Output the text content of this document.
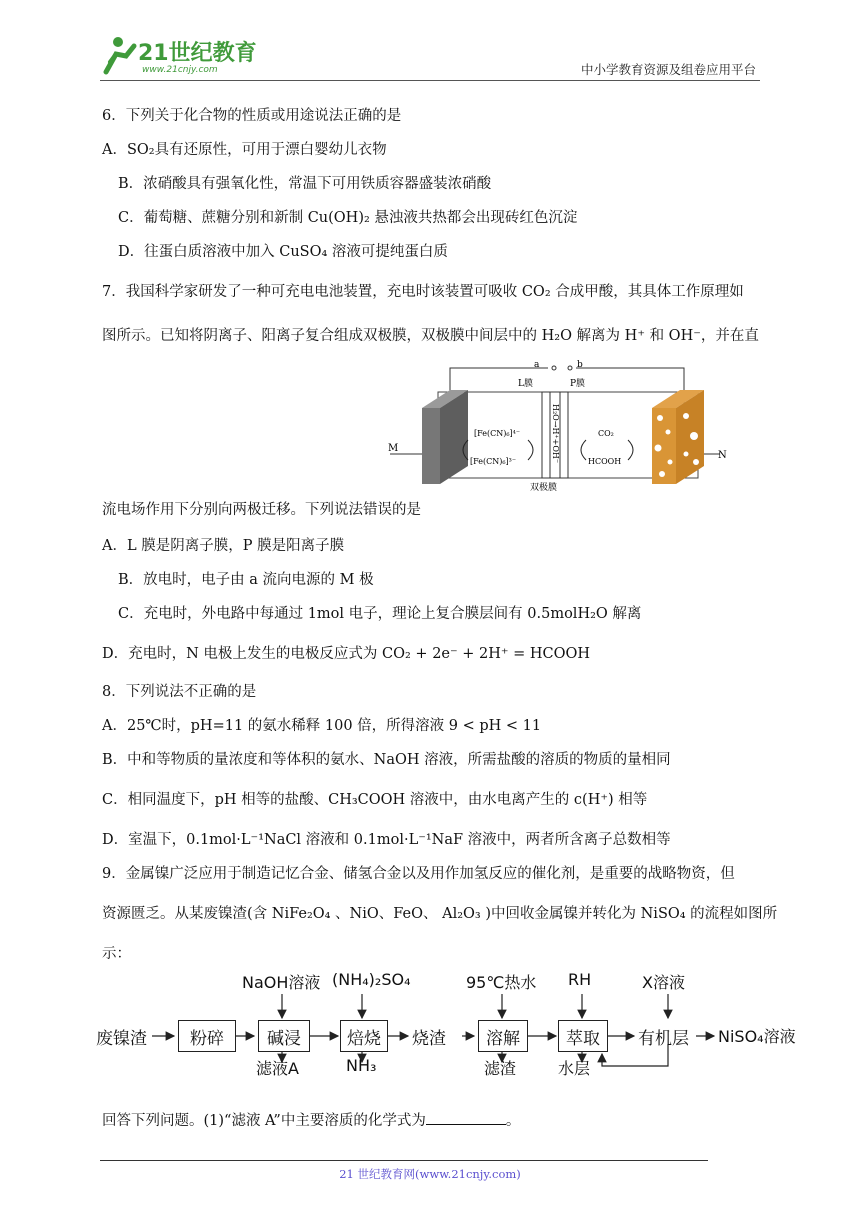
21世纪教育
www.21cnjy.com	中小学教育资源及组卷应用平台
6．下列关于化合物的性质或用途说法正确的是
A．SO₂具有还原性，可用于漂白婴幼儿衣物
B．浓硝酸具有强氧化性，常温下可用铁质容器盛装浓硝酸
C．葡萄糖、蔗糖分别和新制 Cu(OH)₂ 悬浊液共热都会出现砖红色沉淀
D．往蛋白质溶液中加入 CuSO₄ 溶液可提纯蛋白质
7．我国科学家研发了一种可充电电池装置，充电时该装置可吸收 CO₂ 合成甲酸，其具体工作原理如
图所示。已知将阴离子、阳离子复合组成双极膜，双极膜中间层中的 H₂O 解离为 H⁺ 和 OH⁻，并在直
a	b
M
L膜	P膜
H₂O→H⁺+OH⁻
双极膜
[Fe(CN)₆]⁴⁻
[Fe(CN)₆]³⁻
CO₂
HCOOH
N
流电场作用下分别向两极迁移。下列说法错误的是
A．L 膜是阴离子膜，P 膜是阳离子膜
B．放电时，电子由 a 流向电源的 M 极
C．充电时，外电路中每通过 1mol 电子，理论上复合膜层间有 0.5molH₂O 解离
D．充电时，N 电极上发生的电极反应式为 CO₂ + 2e⁻ + 2H⁺ = HCOOH
8．下列说法不正确的是
A．25℃时，pH=11 的氨水稀释 100 倍，所得溶液 9 < pH < 11
B．中和等物质的量浓度和等体积的氨水、NaOH 溶液，所需盐酸的溶质的物质的量相同
C．相同温度下，pH 相等的盐酸、CH₃COOH 溶液中，由水电离产生的 c(H⁺) 相等
D．室温下，0.1mol·L⁻¹NaCl 溶液和 0.1mol·L⁻¹NaF 溶液中，两者所含离子总数相等
9．金属镍广泛应用于制造记忆合金、储氢合金以及用作加氢反应的催化剂，是重要的战略物资，但
资源匮乏。从某废镍渣(含 NiFe₂O₄ 、NiO、FeO、 Al₂O₃ )中回收金属镍并转化为 NiSO₄ 的流程如图所
示：
废镍渣	粉碎	碱浸	焙烧	烧渣	溶解	萃取	有机层 NiSO₄溶液
NaOH溶液 (NH₄)₂SO₄	95℃热水 RH	X溶液
滤液A	NH₃	滤渣	水层
回答下列问题。(1)“滤液 A”中主要溶质的化学式为	。
21 世纪教育网(www.21cnjy.com)
